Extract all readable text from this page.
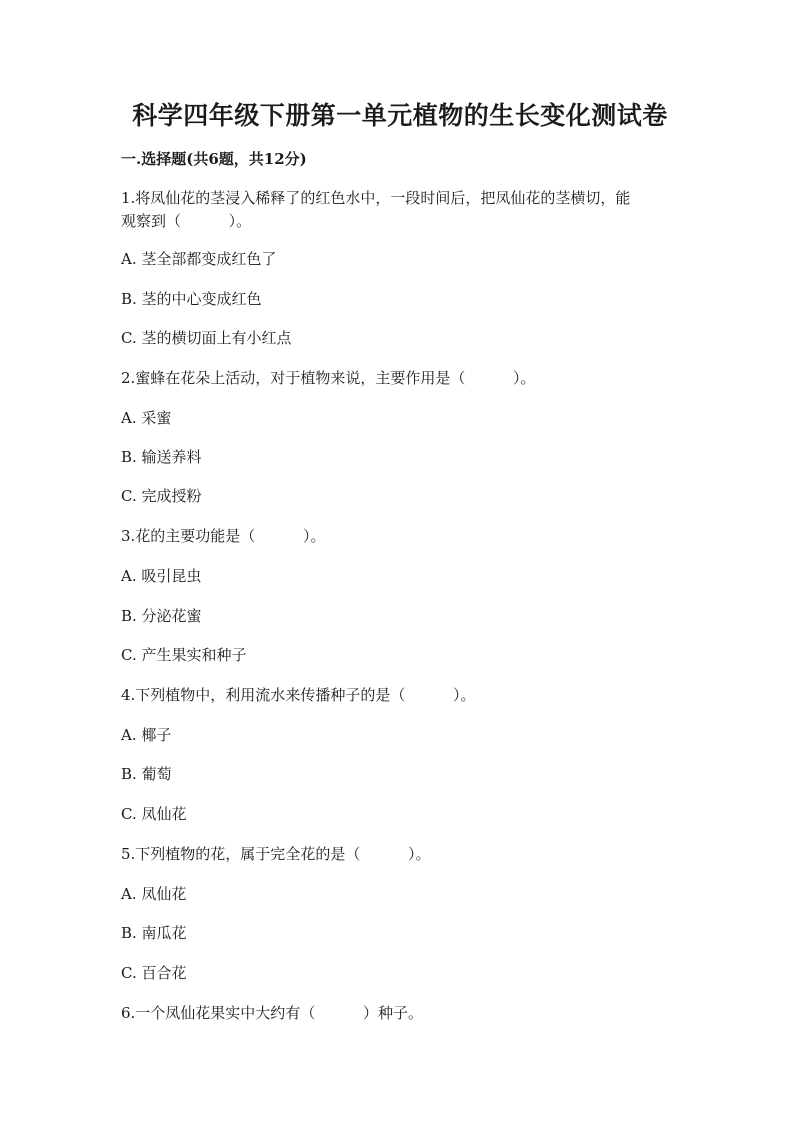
科学四年级下册第一单元植物的生长变化测试卷
一.选择题(共6题，共12分)

1.将凤仙花的茎浸入稀释了的红色水中，一段时间后，把凤仙花的茎横切，能

观察到（          ）。

A. 茎全部都变成红色了

B. 茎的中心变成红色

C. 茎的横切面上有小红点

2.蜜蜂在花朵上活动，对于植物来说，主要作用是（          ）。

A. 采蜜

B. 输送养料

C. 完成授粉

3.花的主要功能是（          ）。

A. 吸引昆虫

B. 分泌花蜜

C. 产生果实和种子

4.下列植物中，利用流水来传播种子的是（          ）。

A. 椰子

B. 葡萄

C. 凤仙花

5.下列植物的花，属于完全花的是（          ）。

A. 凤仙花

B. 南瓜花

C. 百合花

6.一个凤仙花果实中大约有（          ）种子。
